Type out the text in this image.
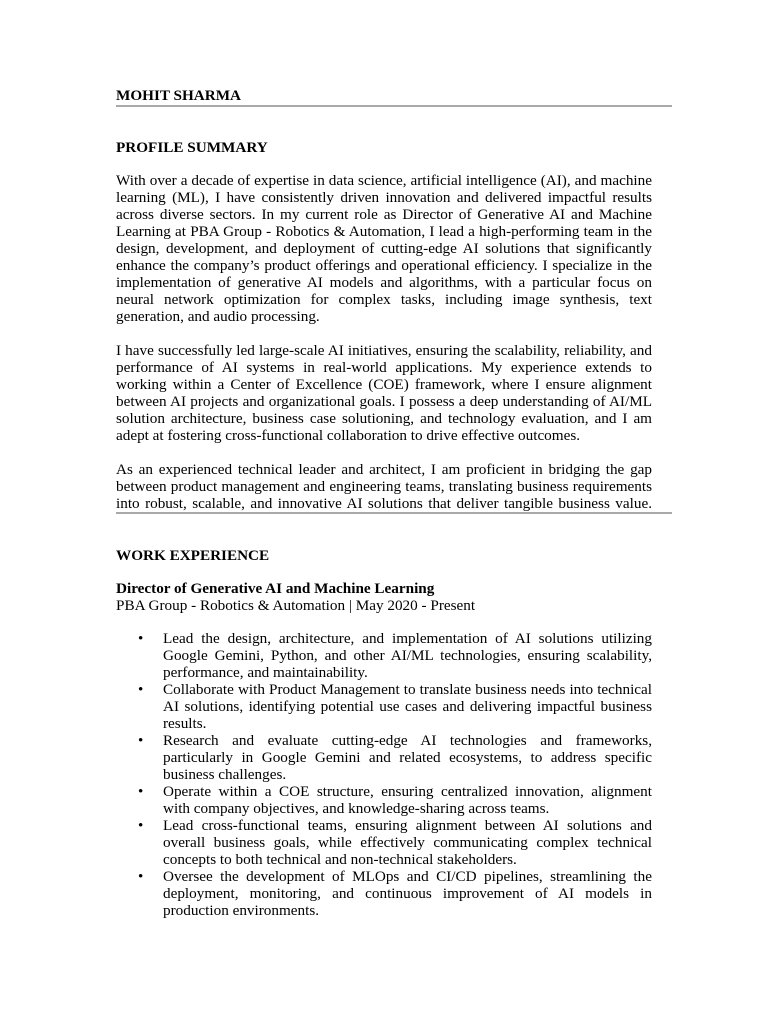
MOHIT SHARMA
PROFILE SUMMARY

With over a decade of expertise in data science, artificial intelligence (AI), and machine learning (ML), I have consistently driven innovation and delivered impactful results across diverse sectors. In my current role as Director of Generative AI and Machine Learning at PBA Group - Robotics & Automation, I lead a high-performing team in the design, development, and deployment of cutting-edge AI solutions that significantly enhance the company’s product offerings and operational efficiency. I specialize in the implementation of generative AI models and algorithms, with a particular focus on neural network optimization for complex tasks, including image synthesis, text generation, and audio processing.

I have successfully led large-scale AI initiatives, ensuring the scalability, reliability, and performance of AI systems in real-world applications. My experience extends to working within a Center of Excellence (COE) framework, where I ensure alignment between AI projects and organizational goals. I possess a deep understanding of AI/ML solution architecture, business case solutioning, and technology evaluation, and I am adept at fostering cross-functional collaboration to drive effective outcomes.

As an experienced technical leader and architect, I am proficient in bridging the gap between product management and engineering teams, translating business requirements into robust, scalable, and innovative AI solutions that deliver tangible business value.

WORK EXPERIENCE
Director of Generative AI and Machine Learning
PBA Group - Robotics & Automation | May 2020 - Present
•	Lead the design, architecture, and implementation of AI solutions utilizing Google Gemini, Python, and other AI/ML technologies, ensuring scalability, performance, and maintainability.
•	Collaborate with Product Management to translate business needs into technical AI solutions, identifying potential use cases and delivering impactful business results.
•	Research and evaluate cutting-edge AI technologies and frameworks, particularly in Google Gemini and related ecosystems, to address specific business challenges.
•	Operate within a COE structure, ensuring centralized innovation, alignment with company objectives, and knowledge-sharing across teams.
•	Lead cross-functional teams, ensuring alignment between AI solutions and overall business goals, while effectively communicating complex technical concepts to both technical and non-technical stakeholders.
•	Oversee the development of MLOps and CI/CD pipelines, streamlining the deployment, monitoring, and continuous improvement of AI models in production environments.
